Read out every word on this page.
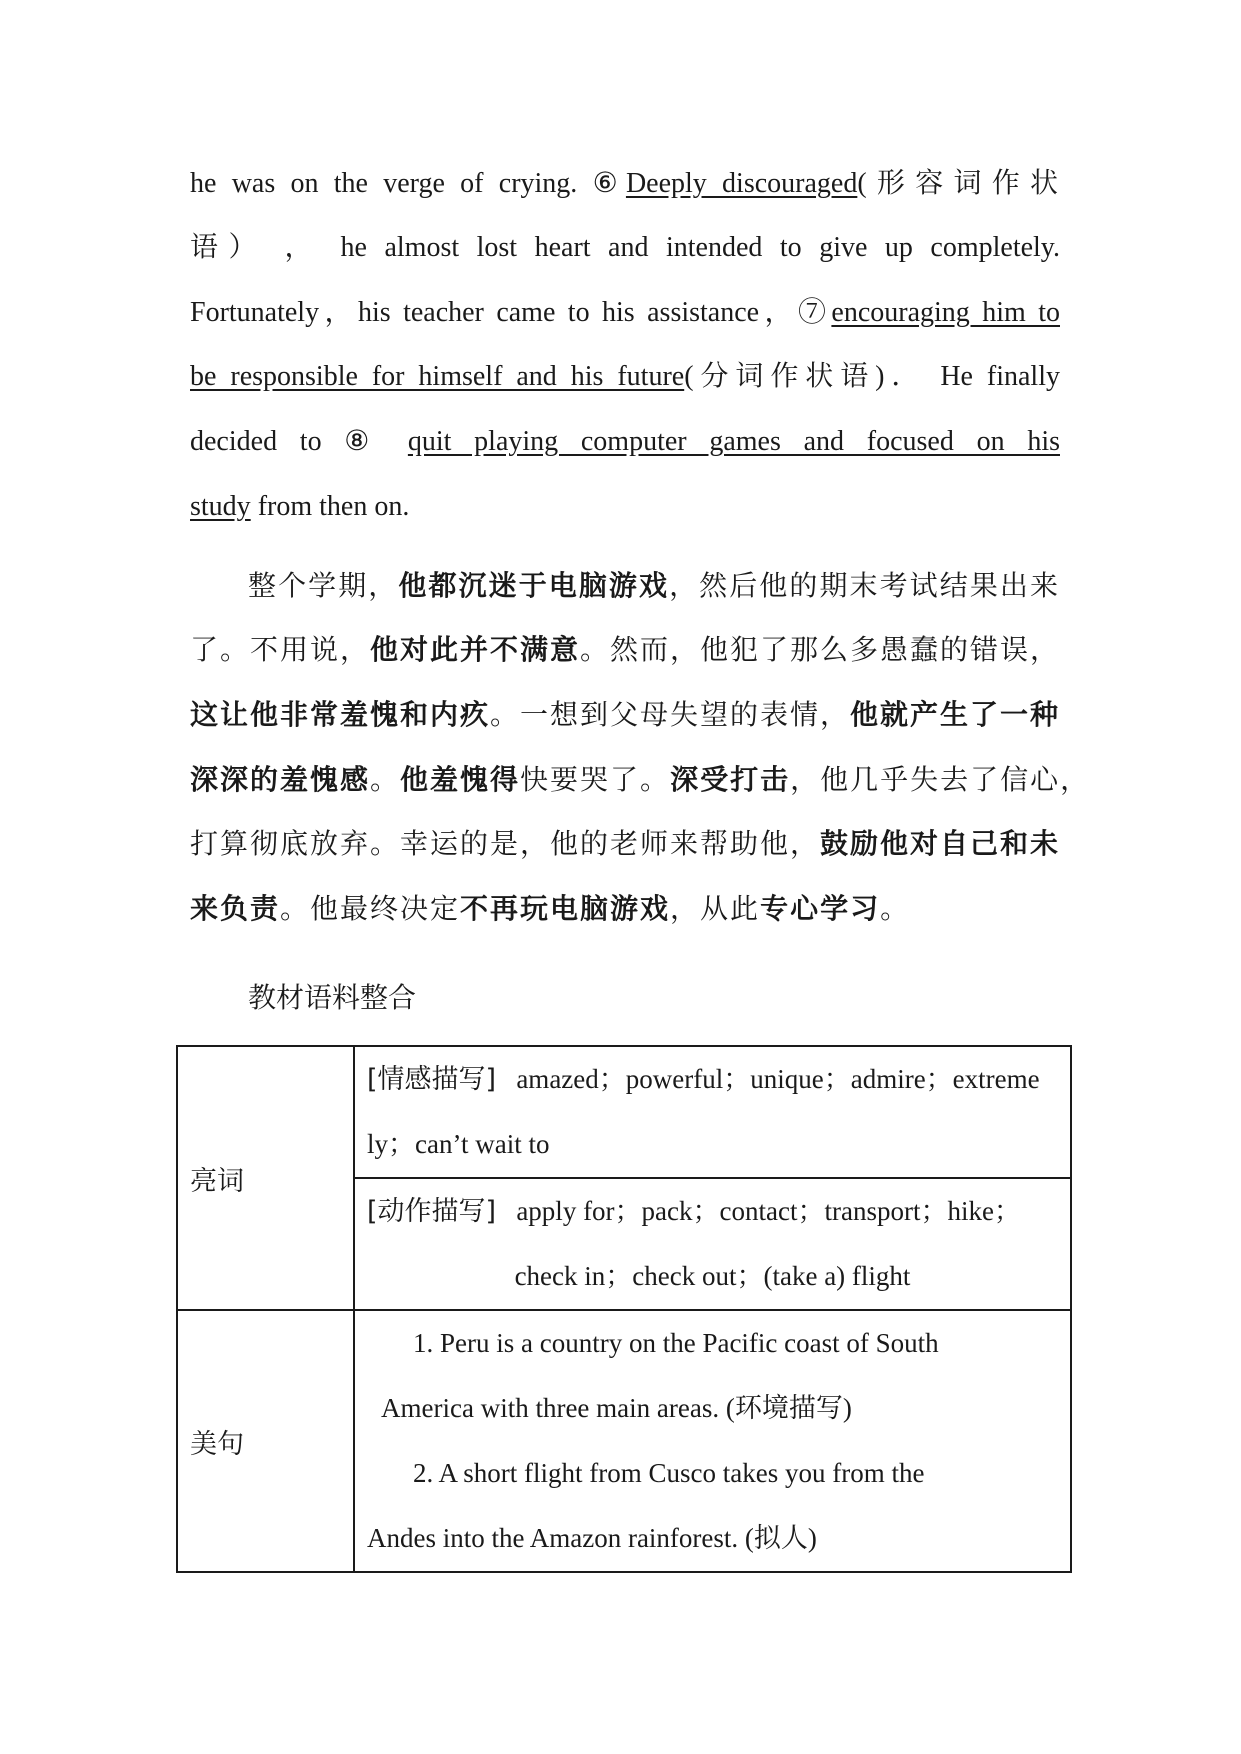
he was on the verge of crying. ⑥Deeply discouraged(形容词作状
语） ， he almost lost heart and intended to give up completely.
Fortunately，his teacher came to his assistance，⑦encouraging him to
be responsible for himself and his future(分词作状语)． He finally
decided to ⑧ quit playing computer games and focused on his
study from then on.
整个学期，他都沉迷于电脑游戏，然后他的期末考试结果出来
了。不用说，他对此并不满意。然而，他犯了那么多愚蠢的错误，
这让他非常羞愧和内疚。一想到父母失望的表情，他就产生了一种
深深的羞愧感。他羞愧得快要哭了。深受打击，他几乎失去了信心，
打算彻底放弃。幸运的是，他的老师来帮助他，鼓励他对自己和未
来负责。他最终决定不再玩电脑游戏，从此专心学习。
教材语料整合
亮词	[情感描写] amazed；powerful；unique；admire；extreme
ly；can’t wait to

	[动作描写] apply for；pack；contact；transport；hike；
check in；check out；(take a) flight

美句	1. Peru is a country on the Pacific coast of South
America with three main areas. (环境描写)
2. A short flight from Cusco takes you from the
Andes into the Amazon rainforest. (拟人)
